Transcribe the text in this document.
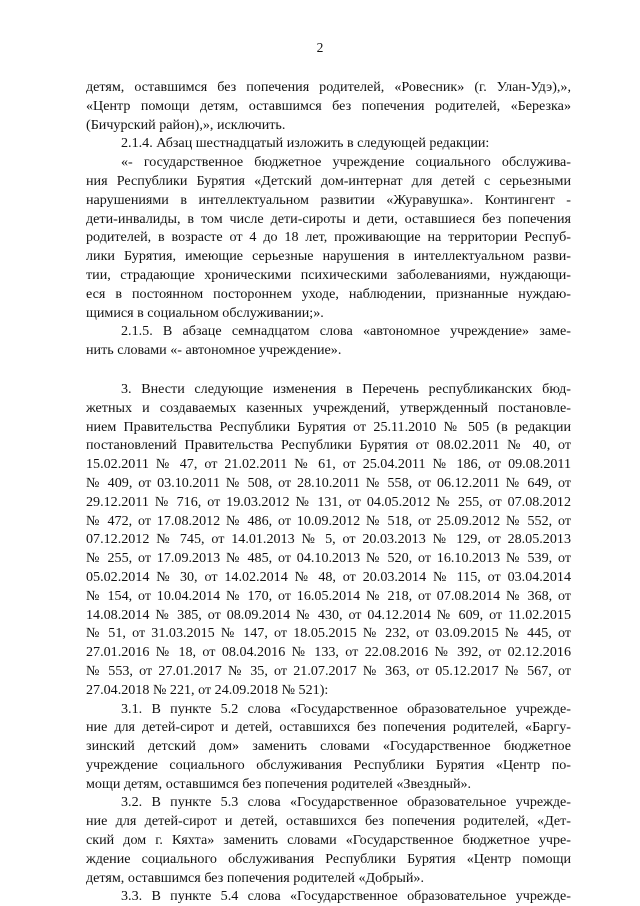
2
детям, оставшимся без попечения родителей, «Ровесник» (г. Улан-Удэ),»,
«Центр помощи детям, оставшимся без попечения родителей, «Березка»
(Бичурский район),», исключить.
2.1.4. Абзац шестнадцатый изложить в следующей редакции:
«- государственное бюджетное учреждение социального обслужива-
ния Республики Бурятия «Детский дом-интернат для детей с серьезными
нарушениями в интеллектуальном развитии «Журавушка». Контингент -
дети-инвалиды, в том числе дети-сироты и дети, оставшиеся без попечения
родителей, в возрасте от 4 до 18 лет, проживающие на территории Респуб-
лики Бурятия, имеющие серьезные нарушения в интеллектуальном разви-
тии, страдающие хроническими психическими заболеваниями, нуждающи-
еся в постоянном постороннем уходе, наблюдении, признанные нуждаю-
щимися в социальном обслуживании;».
2.1.5. В абзаце семнадцатом слова «автономное учреждение» заме-
нить словами «- автономное учреждение».
3. Внести следующие изменения в Перечень республиканских бюд-
жетных и создаваемых казенных учреждений, утвержденный постановле-
нием Правительства Республики Бурятия от 25.11.2010 № 505 (в редакции
постановлений Правительства Республики Бурятия от 08.02.2011 № 40, от
15.02.2011 № 47, от 21.02.2011 № 61, от 25.04.2011 № 186, от 09.08.2011
№ 409, от 03.10.2011 № 508, от 28.10.2011 № 558, от 06.12.2011 № 649, от
29.12.2011 № 716, от 19.03.2012 № 131, от 04.05.2012 № 255, от 07.08.2012
№ 472, от 17.08.2012 № 486, от 10.09.2012 № 518, от 25.09.2012 № 552, от
07.12.2012 № 745, от 14.01.2013 № 5, от 20.03.2013 № 129, от 28.05.2013
№ 255, от 17.09.2013 № 485, от 04.10.2013 № 520, от 16.10.2013 № 539, от
05.02.2014 № 30, от 14.02.2014 № 48, от 20.03.2014 № 115, от 03.04.2014
№ 154, от 10.04.2014 № 170, от 16.05.2014 № 218, от 07.08.2014 № 368, от
14.08.2014 № 385, от 08.09.2014 № 430, от 04.12.2014 № 609, от 11.02.2015
№ 51, от 31.03.2015 № 147, от 18.05.2015 № 232, от 03.09.2015 № 445, от
27.01.2016 № 18, от 08.04.2016 № 133, от 22.08.2016 № 392, от 02.12.2016
№ 553, от 27.01.2017 № 35, от 21.07.2017 № 363, от 05.12.2017 № 567, от
27.04.2018 № 221, от 24.09.2018 № 521):
3.1. В пункте 5.2 слова «Государственное образовательное учрежде-
ние для детей-сирот и детей, оставшихся без попечения родителей, «Баргу-
зинский детский дом» заменить словами «Государственное бюджетное
учреждение социального обслуживания Республики Бурятия «Центр по-
мощи детям, оставшимся без попечения родителей «Звездный».
3.2. В пункте 5.3 слова «Государственное образовательное учрежде-
ние для детей-сирот и детей, оставшихся без попечения родителей, «Дет-
ский дом г. Кяхта» заменить словами «Государственное бюджетное учре-
ждение социального обслуживания Республики Бурятия «Центр помощи
детям, оставшимся без попечения родителей «Добрый».
3.3. В пункте 5.4 слова «Государственное образовательное учрежде-
